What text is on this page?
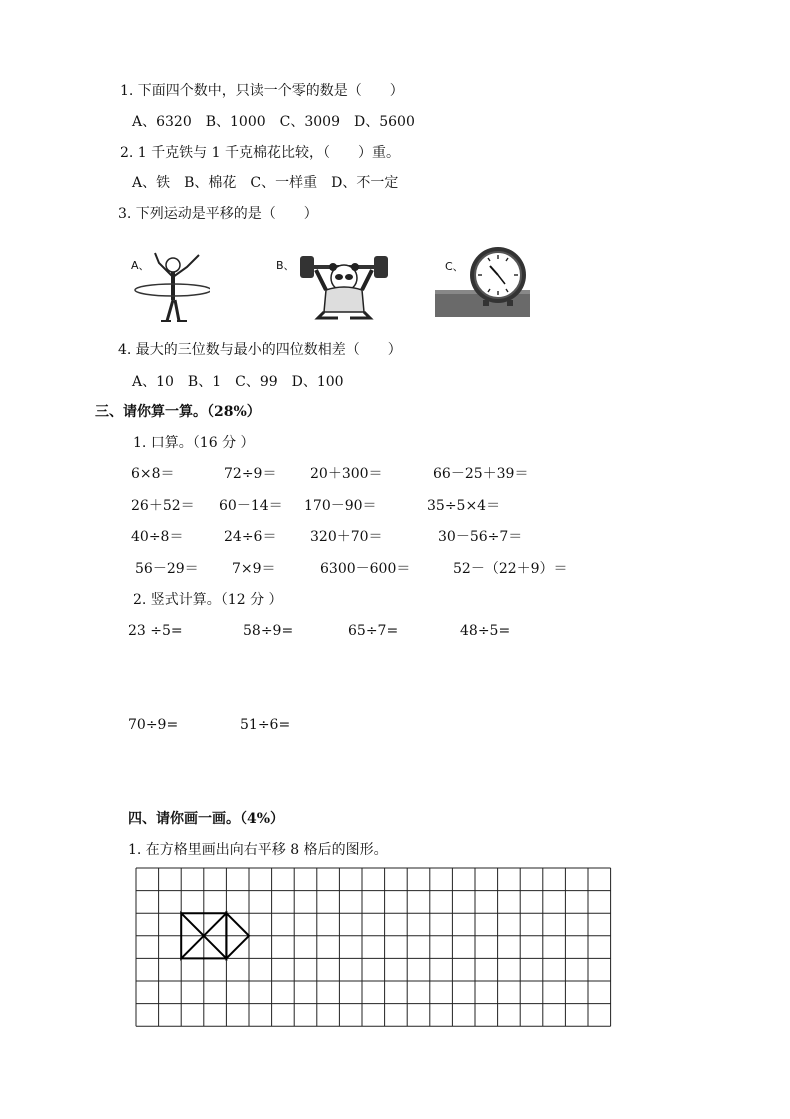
1. 下面四个数中，只读一个零的数是（　　）
A、6320　B、1000　C、3009　D、5600
2. 1 千克铁与 1 千克棉花比较，（　　）重。
A、铁　B、棉花　C、一样重　D、不一定
3. 下列运动是平移的是（　　）
A、	B、	C、
4. 最大的三位数与最小的四位数相差（　　）
A、10　B、1　C、99　D、100
三、请你算一算。（28%）
1. 口算。（16 分 ）
6×8＝	72÷9＝ 20＋300＝	66－25＋39＝
26＋52＝ 60－14＝ 170－90＝	35÷5×4＝
40÷8＝	24÷6＝ 320＋70＝	30－56÷7＝
56－29＝ 7×9＝	6300－600＝	52－（22＋9）＝
2. 竖式计算。（12 分 ）
23 ÷5=	58÷9=	65÷7=	48÷5=
70÷9=	51÷6=
四、请你画一画。（4%）
1. 在方格里画出向右平移 8 格后的图形。
